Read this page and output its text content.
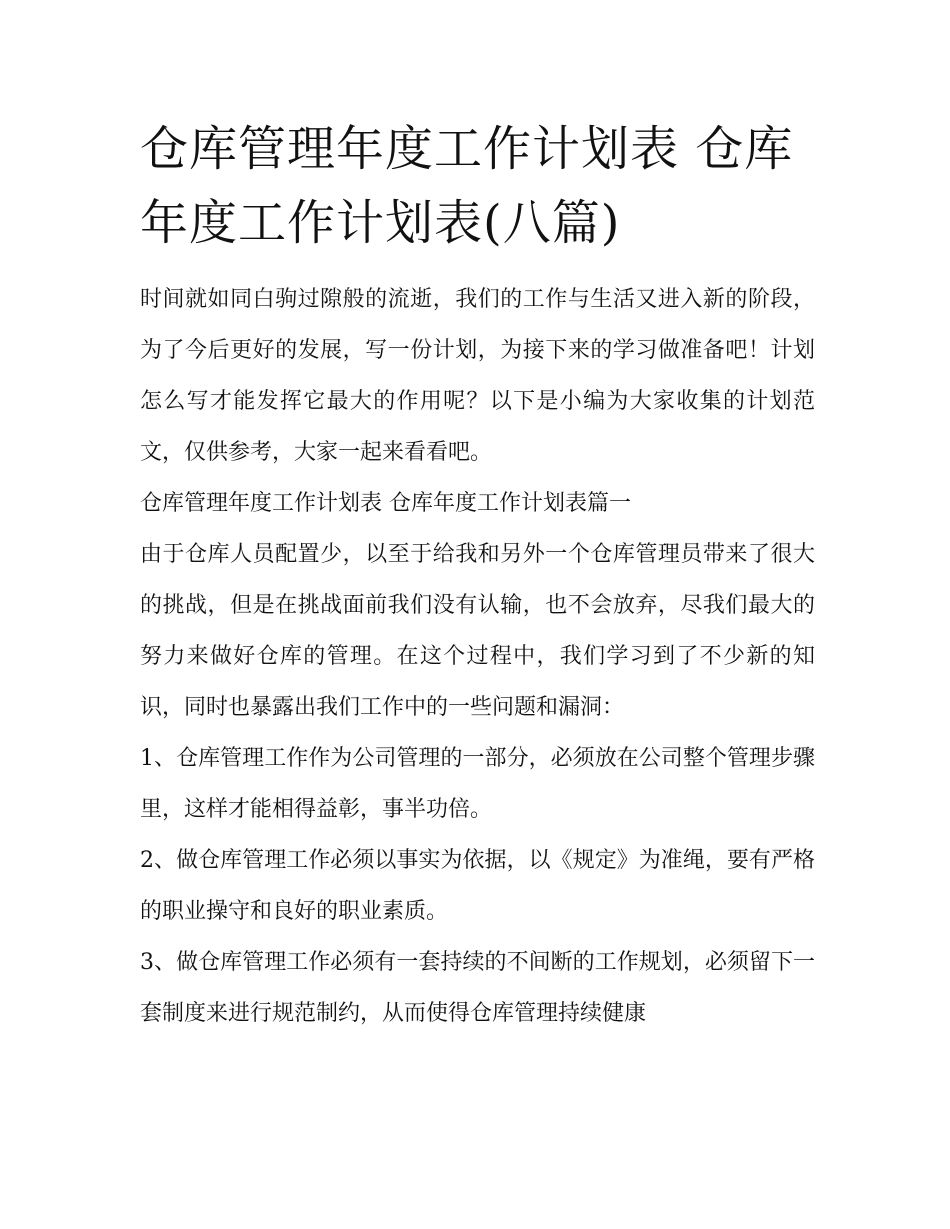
仓库管理年度工作计划表 仓库年度工作计划表(八篇)

时间就如同白驹过隙般的流逝，我们的工作与生活又进入新的阶段，为了今后更好的发展，写一份计划，为接下来的学习做准备吧！计划怎么写才能发挥它最大的作用呢？以下是小编为大家收集的计划范文，仅供参考，大家一起来看看吧。

仓库管理年度工作计划表 仓库年度工作计划表篇一

由于仓库人员配置少，以至于给我和另外一个仓库管理员带来了很大的挑战，但是在挑战面前我们没有认输，也不会放弃，尽我们最大的努力来做好仓库的管理。在这个过程中，我们学习到了不少新的知识，同时也暴露出我们工作中的一些问题和漏洞：

1、仓库管理工作作为公司管理的一部分，必须放在公司整个管理步骤里，这样才能相得益彰，事半功倍。

2、做仓库管理工作必须以事实为依据，以《规定》为准绳，要有严格的职业操守和良好的职业素质。

3、做仓库管理工作必须有一套持续的不间断的工作规划，必须留下一套制度来进行规范制约，从而使得仓库管理持续健康
